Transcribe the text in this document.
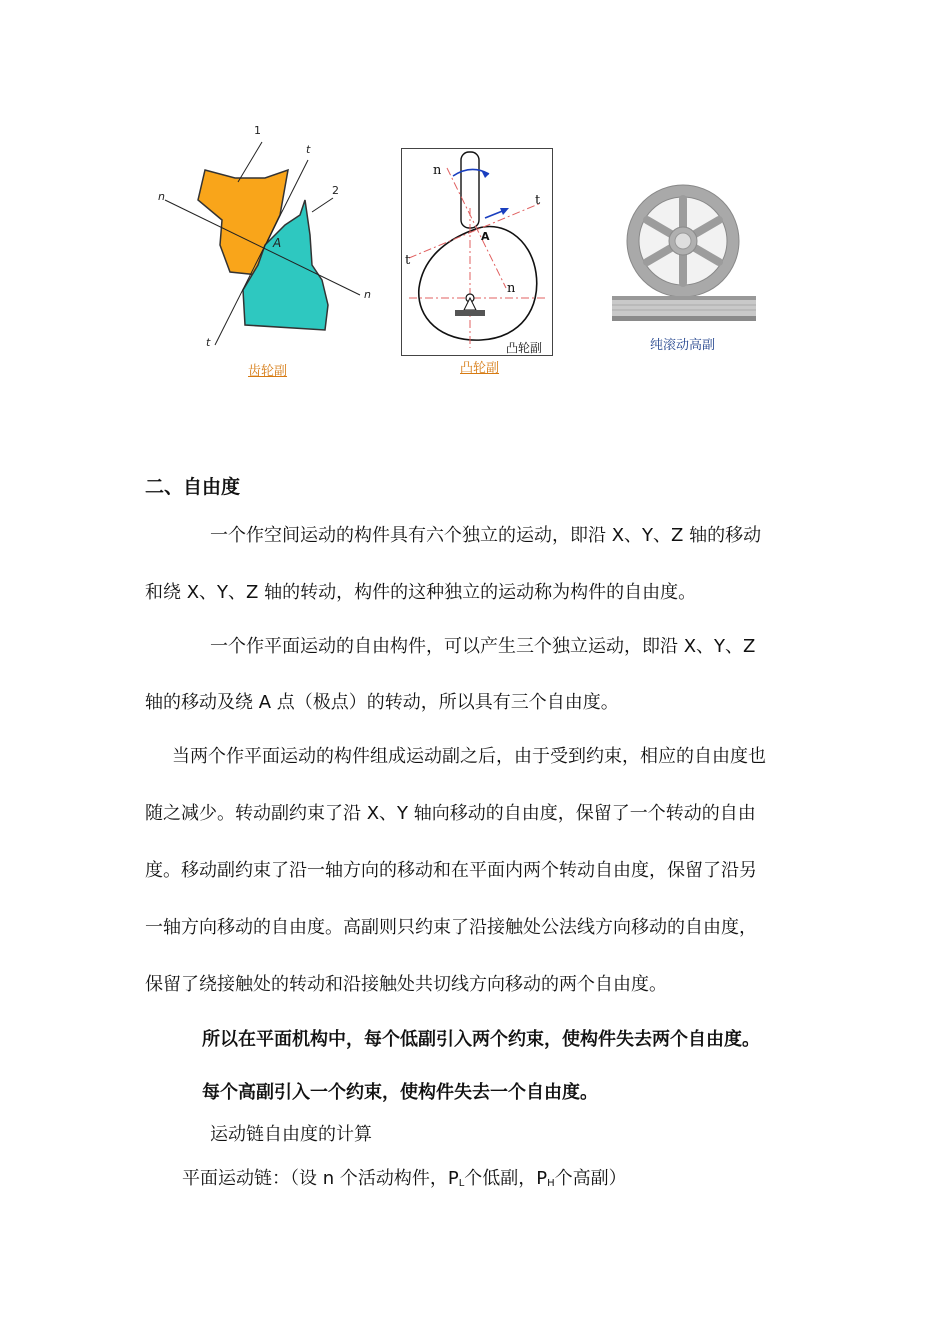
1
2
A
n
n
t
t
齿轮副
n
t
A
t
n
凸轮副
凸轮副
纯滚动高副
二、自由度
一个作空间运动的构件具有六个独立的运动，即沿 X、Y、Z 轴的移动
和绕 X、Y、Z 轴的转动，构件的这种独立的运动称为构件的自由度。
一个作平面运动的自由构件，可以产生三个独立运动，即沿 X、Y、Z
轴的移动及绕 A 点（极点）的转动，所以具有三个自由度。
当两个作平面运动的构件组成运动副之后，由于受到约束，相应的自由度也
随之减少。转动副约束了沿 X、Y 轴向移动的自由度，保留了一个转动的自由
度。移动副约束了沿一轴方向的移动和在平面内两个转动自由度，保留了沿另
一轴方向移动的自由度。高副则只约束了沿接触处公法线方向移动的自由度，
保留了绕接触处的转动和沿接触处共切线方向移动的两个自由度。
所以在平面机构中，每个低副引入两个约束，使构件失去两个自由度。
每个高副引入一个约束，使构件失去一个自由度。
运动链自由度的计算
平面运动链：（设 n 个活动构件，$P_L$个低副，$P_H$个高副）
